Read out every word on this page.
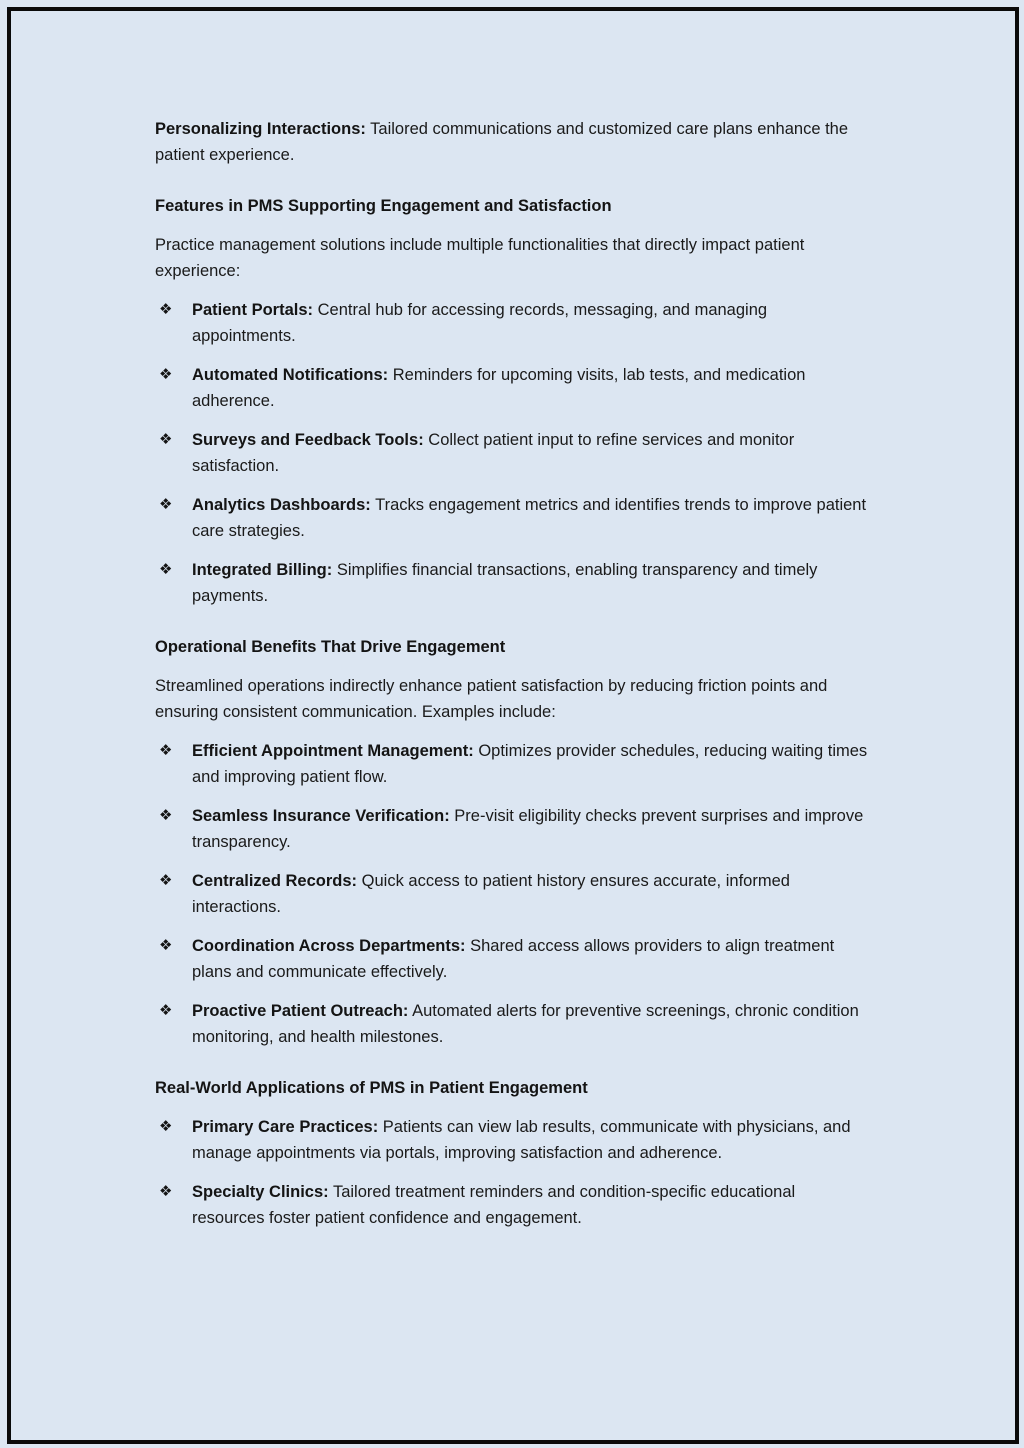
Personalizing Interactions: Tailored communications and customized care plans enhance the patient experience.

Features in PMS Supporting Engagement and Satisfaction

Practice management solutions include multiple functionalities that directly impact patient experience:

❖	Patient Portals: Central hub for accessing records, messaging, and managing appointments.
❖	Automated Notifications: Reminders for upcoming visits, lab tests, and medication adherence.
❖	Surveys and Feedback Tools: Collect patient input to refine services and monitor satisfaction.
❖	Analytics Dashboards: Tracks engagement metrics and identifies trends to improve patient care strategies.
❖	Integrated Billing: Simplifies financial transactions, enabling transparency and timely payments.
Operational Benefits That Drive Engagement

Streamlined operations indirectly enhance patient satisfaction by reducing friction points and ensuring consistent communication. Examples include:

❖	Efficient Appointment Management: Optimizes provider schedules, reducing waiting times and improving patient flow.
❖	Seamless Insurance Verification: Pre-visit eligibility checks prevent surprises and improve transparency.
❖	Centralized Records: Quick access to patient history ensures accurate, informed interactions.
❖	Coordination Across Departments: Shared access allows providers to align treatment plans and communicate effectively.
❖	Proactive Patient Outreach: Automated alerts for preventive screenings, chronic condition monitoring, and health milestones.
Real-World Applications of PMS in Patient Engagement
❖	Primary Care Practices: Patients can view lab results, communicate with physicians, and manage appointments via portals, improving satisfaction and adherence.
❖	Specialty Clinics: Tailored treatment reminders and condition-specific educational resources foster patient confidence and engagement.
